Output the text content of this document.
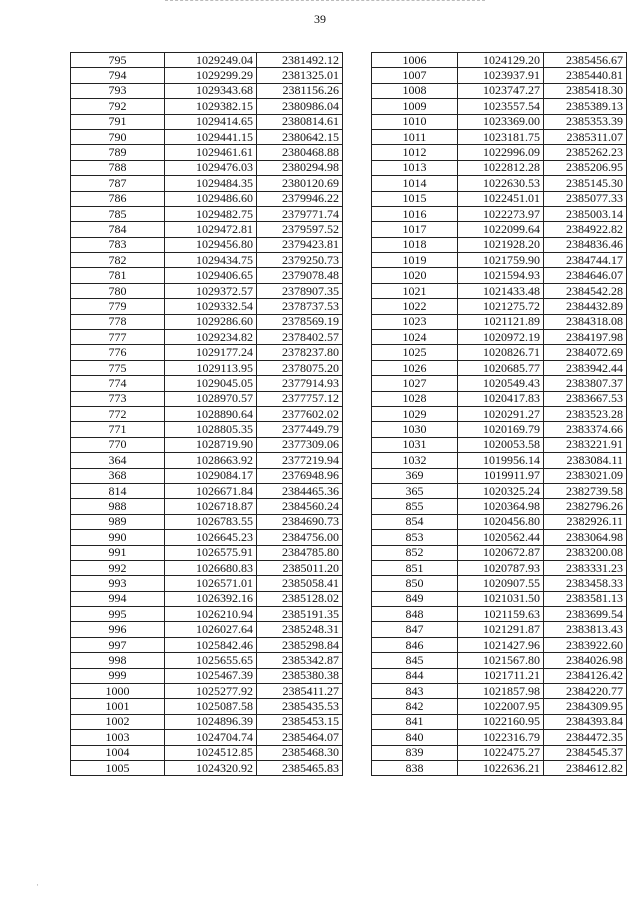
39
795	1029249.04	2381492.12
794	1029299.29	2381325.01
793	1029343.68	2381156.26
792	1029382.15	2380986.04
791	1029414.65	2380814.61
790	1029441.15	2380642.15
789	1029461.61	2380468.88
788	1029476.03	2380294.98
787	1029484.35	2380120.69
786	1029486.60	2379946.22
785	1029482.75	2379771.74
784	1029472.81	2379597.52
783	1029456.80	2379423.81
782	1029434.75	2379250.73
781	1029406.65	2379078.48
780	1029372.57	2378907.35
779	1029332.54	2378737.53
778	1029286.60	2378569.19
777	1029234.82	2378402.57
776	1029177.24	2378237.80
775	1029113.95	2378075.20
774	1029045.05	2377914.93
773	1028970.57	2377757.12
772	1028890.64	2377602.02
771	1028805.35	2377449.79
770	1028719.90	2377309.06
364	1028663.92	2377219.94
368	1029084.17	2376948.96
814	1026671.84	2384465.36
988	1026718.87	2384560.24
989	1026783.55	2384690.73
990	1026645.23	2384756.00
991	1026575.91	2384785.80
992	1026680.83	2385011.20
993	1026571.01	2385058.41
994	1026392.16	2385128.02
995	1026210.94	2385191.35
996	1026027.64	2385248.31
997	1025842.46	2385298.84
998	1025655.65	2385342.87
999	1025467.39	2385380.38
1000	1025277.92	2385411.27
1001	1025087.58	2385435.53
1002	1024896.39	2385453.15
1003	1024704.74	2385464.07
1004	1024512.85	2385468.30
1005	1024320.92	2385465.83
1006	1024129.20	2385456.67
1007	1023937.91	2385440.81
1008	1023747.27	2385418.30
1009	1023557.54	2385389.13
1010	1023369.00	2385353.39
1011	1023181.75	2385311.07
1012	1022996.09	2385262.23
1013	1022812.28	2385206.95
1014	1022630.53	2385145.30
1015	1022451.01	2385077.33
1016	1022273.97	2385003.14
1017	1022099.64	2384922.82
1018	1021928.20	2384836.46
1019	1021759.90	2384744.17
1020	1021594.93	2384646.07
1021	1021433.48	2384542.28
1022	1021275.72	2384432.89
1023	1021121.89	2384318.08
1024	1020972.19	2384197.98
1025	1020826.71	2384072.69
1026	1020685.77	2383942.44
1027	1020549.43	2383807.37
1028	1020417.83	2383667.53
1029	1020291.27	2383523.28
1030	1020169.79	2383374.66
1031	1020053.58	2383221.91
1032	1019956.14	2383084.11
369	1019911.97	2383021.09
365	1020325.24	2382739.58
855	1020364.98	2382796.26
854	1020456.80	2382926.11
853	1020562.44	2383064.98
852	1020672.87	2383200.08
851	1020787.93	2383331.23
850	1020907.55	2383458.33
849	1021031.50	2383581.13
848	1021159.63	2383699.54
847	1021291.87	2383813.43
846	1021427.96	2383922.60
845	1021567.80	2384026.98
844	1021711.21	2384126.42
843	1021857.98	2384220.77
842	1022007.95	2384309.95
841	1022160.95	2384393.84
840	1022316.79	2384472.35
839	1022475.27	2384545.37
838	1022636.21	2384612.82
·
